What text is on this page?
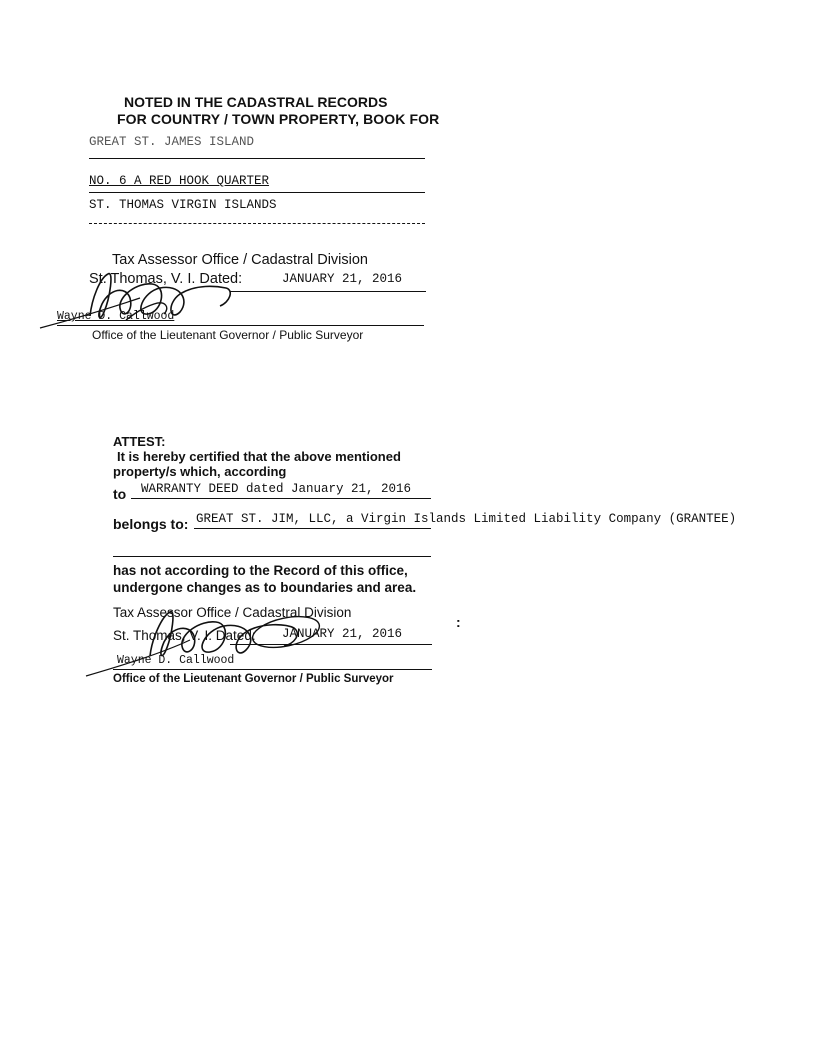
NOTED IN THE CADASTRAL RECORDS
FOR COUNTRY / TOWN PROPERTY, BOOK FOR
GREAT ST. JAMES ISLAND
NO. 6 A RED HOOK QUARTER
ST. THOMAS VIRGIN ISLANDS
Tax Assessor Office / Cadastral Division
St. Thomas, V. I. Dated:	JANUARY 21, 2016
Wayne D. Callwood
Office of the Lieutenant Governor / Public Surveyor
ATTEST:
It is hereby certified that the above mentioned
property/s which, according
to WARRANTY DEED dated January 21, 2016
belongs to: GREAT ST. JIM, LLC, a Virgin Islands Limited Liability Company (GRANTEE)
has not according to the Record of this office,
undergone changes as to boundaries and area.
Tax Assessor Office / Cadastral Division
St. Thomas, V. I. Dated: JANUARY 21, 2016
Wayne D. Callwood
Office of the Lieutenant Governor / Public Surveyor
:
